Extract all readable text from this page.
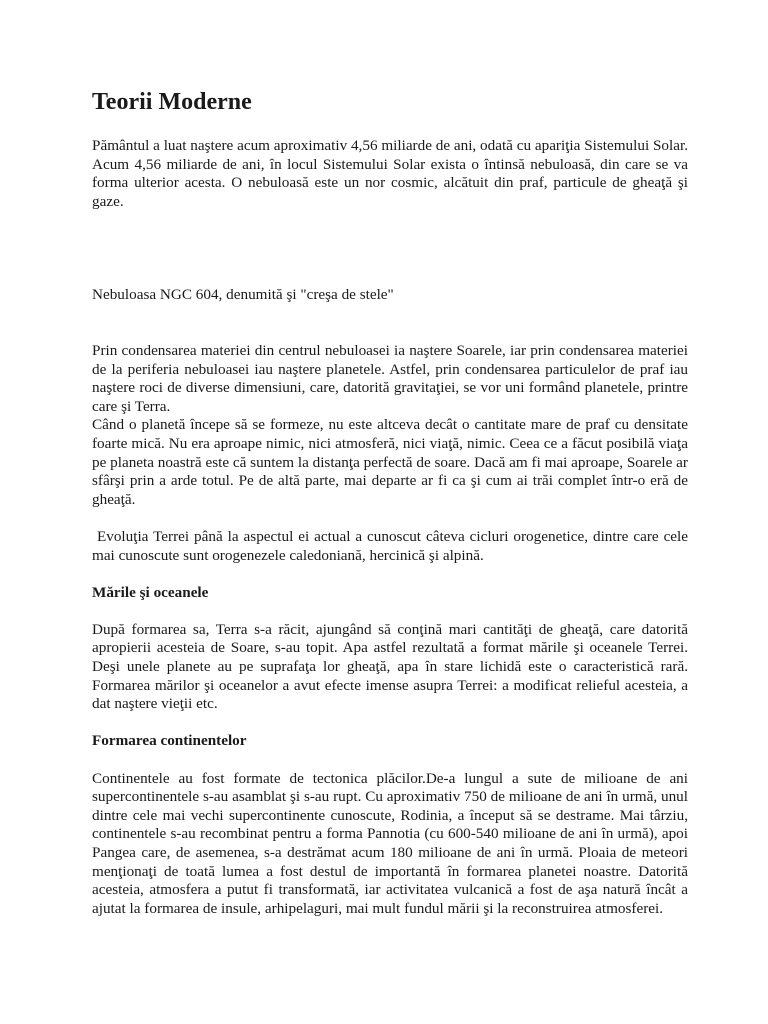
Teorii Moderne

Pământul a luat naştere acum aproximativ 4,56 miliarde de ani, odată cu apariţia Sistemului Solar. Acum 4,56 miliarde de ani, în locul Sistemului Solar exista o întinsă nebuloasă, din care se va forma ulterior acesta. O nebuloasă este un nor cosmic, alcătuit din praf, particule de gheaţă şi gaze.

Nebuloasa NGC 604, denumită şi "creşa de stele"

Prin condensarea materiei din centrul nebuloasei ia naştere Soarele, iar prin condensarea materiei de la periferia nebuloasei iau naştere planetele. Astfel, prin condensarea particulelor de praf iau naştere roci de diverse dimensiuni, care, datorită gravitaţiei, se vor uni formând planetele, printre care şi Terra.

Când o planetă începe să se formeze, nu este altceva decât o cantitate mare de praf cu densitate foarte mică. Nu era aproape nimic, nici atmosferă, nici viaţă, nimic. Ceea ce a făcut posibilă viaţa pe planeta noastră este că suntem la distanţa perfectă de soare. Dacă am fi mai aproape, Soarele ar sfârşi prin a arde totul. Pe de altă parte, mai departe ar fi ca şi cum ai trăi complet într-o eră de gheaţă.

Evoluţia Terrei până la aspectul ei actual a cunoscut câteva cicluri orogenetice, dintre care cele mai cunoscute sunt orogenezele caledoniană, hercinică şi alpină.

Mările şi oceanele

După formarea sa, Terra s-a răcit, ajungând să conţină mari cantităţi de gheaţă, care datorită apropierii acesteia de Soare, s-au topit. Apa astfel rezultată a format mările şi oceanele Terrei. Deşi unele planete au pe suprafaţa lor gheaţă, apa în stare lichidă este o caracteristică rară. Formarea mărilor şi oceanelor a avut efecte imense asupra Terrei: a modificat relieful acesteia, a dat naştere vieţii etc.

Formarea continentelor

Continentele au fost formate de tectonica plăcilor.De-a lungul a sute de milioane de ani supercontinentele s-au asamblat şi s-au rupt. Cu aproximativ 750 de milioane de ani în urmă, unul dintre cele mai vechi supercontinente cunoscute, Rodinia, a început să se destrame. Mai târziu, continentele s-au recombinat pentru a forma Pannotia (cu 600-540 milioane de ani în urmă), apoi Pangea care, de asemenea, s-a destrămat acum 180 milioane de ani în urmă. Ploaia de meteori menţionaţi de toată lumea a fost destul de importantă în formarea planetei noastre. Datorită acesteia, atmosfera a putut fi transformată, iar activitatea vulcanică a fost de aşa natură încât a ajutat la formarea de insule, arhipelaguri, mai mult fundul mării şi la reconstruirea atmosferei.
